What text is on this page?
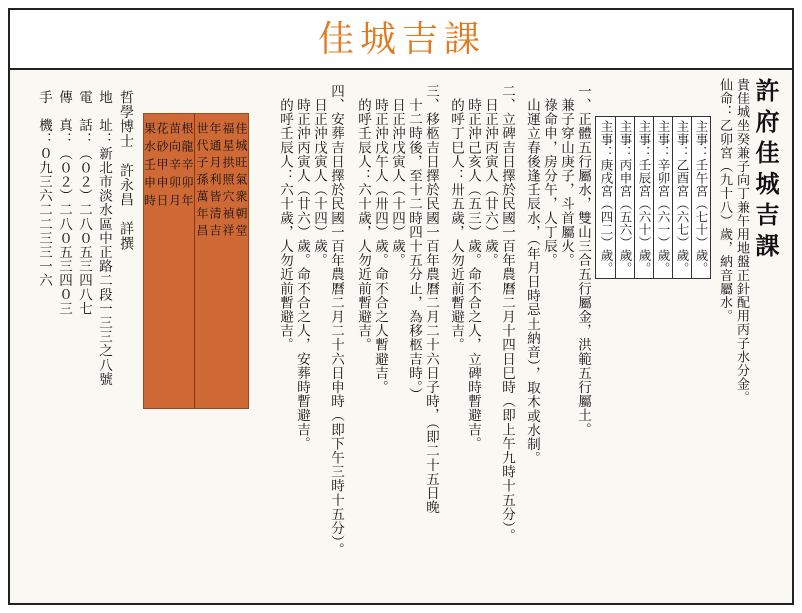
佳城吉課
許府佳城吉課
貴佳城坐癸兼子向丁兼午用地盤正針配用丙子水分金。
仙命：乙卯宮（九十八）歲，納音屬水。
主事：壬午宮（七十）歲。
主事：乙酉宮（六七）歲。
主事：辛卯宮（六一）歲。
主事：壬辰宮（六十）歲。
主事：丙申宮（五六）歲。
主事：庚戌宮（四二）歲。
一、正體五行屬水，雙山三合五行屬金，洪範五行屬土。
　兼子穿山庚子，斗首屬火。
　祿命申，房分午，人丁辰。
　山運立春後逢壬辰水，（年月日時忌土納音），取木或水制。
二、立碑吉日擇於民國一百年農曆二月十四日巳時（即上午九時十五分）。
　日正沖丙寅人（廿六）歲。
　時正沖己亥人（五三）歲。命不合之人，立碑時暫避吉。
　的呼丁巳人：卅五歲，人勿近前暫避吉。
三、移柩吉日擇於民國一百年農曆二月二十六日子時，（即二十五日晚
　十二時後，至十二時四十五分止，為移柩吉時。）
　日正沖戊寅人（十四）歲。
　時正沖戊午人（卅四）歲。命不合之人暫避吉。
　的呼壬辰人：六十歲，人勿近前暫避吉。
四、安葬吉日擇於民國一百年農曆二月二十六日申時（即下午三時十五分）。
　日正沖戊寅人（十四）歲。
　時正沖丙寅人（廿六）歲。命不合之人，安葬時暫避吉。
　的呼壬辰人：六十歲，人勿近前暫避吉。
哲學博士　許永昌　詳撰
地　址：新北市淡水區中正路二段一三三之八號
電　話：（０２）二八０五三四八七
傳　真：（０２）二八０五三四０三
手　機：０九三六二二三三一六	根龍辛卯年
苗向辛卯月
花砂甲申日
果水壬申時	佳城旺氣衆朝堂
福星拱照穴禎祥
年通月利皆清吉
世代子孫萬年昌
